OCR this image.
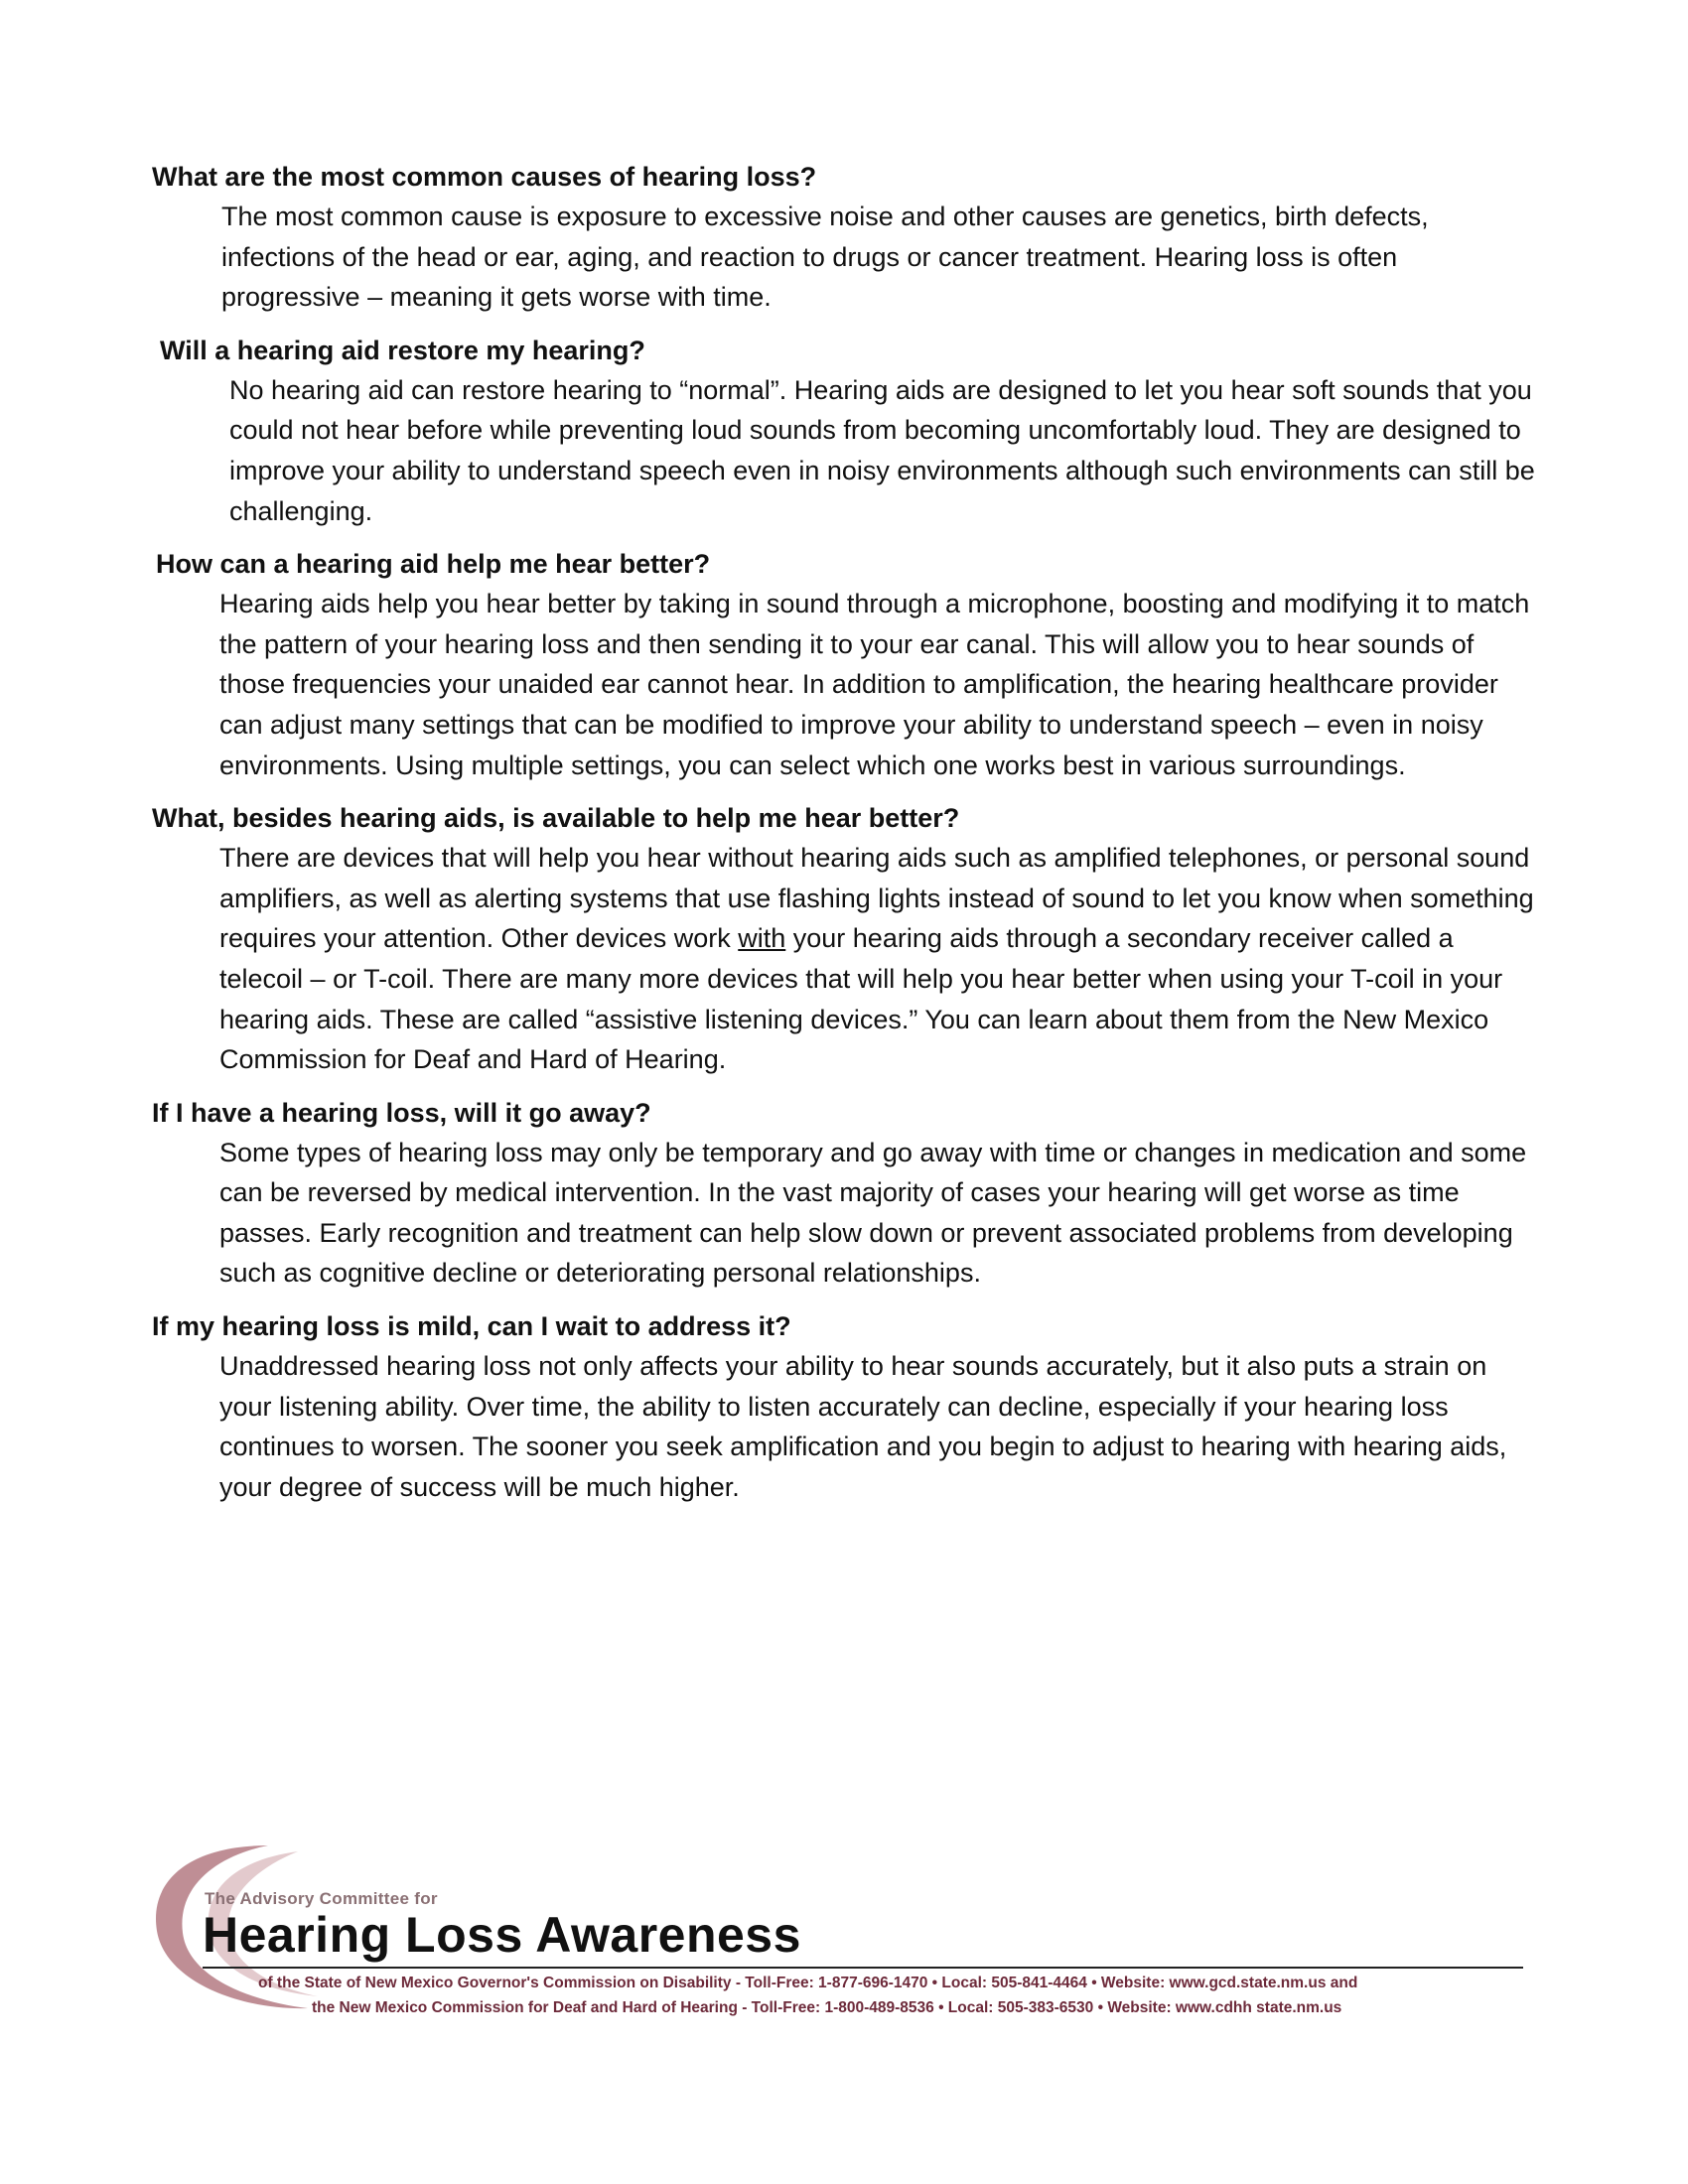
What are the most common causes of hearing loss?

The most common cause is exposure to excessive noise and other causes are genetics, birth defects, infections of the head or ear, aging, and reaction to drugs or cancer treatment. Hearing loss is often progressive – meaning it gets worse with time.

Will a hearing aid restore my hearing?

No hearing aid can restore hearing to “normal”. Hearing aids are designed to let you hear soft sounds that you could not hear before while preventing loud sounds from becoming uncomfortably loud. They are designed to improve your ability to understand speech even in noisy environments although such environments can still be challenging.

How can a hearing aid help me hear better?

Hearing aids help you hear better by taking in sound through a microphone, boosting and modifying it to match the pattern of your hearing loss and then sending it to your ear canal. This will allow you to hear sounds of those frequencies your unaided ear cannot hear. In addition to amplification, the hearing healthcare provider can adjust many settings that can be modified to improve your ability to understand speech – even in noisy environments. Using multiple settings, you can select which one works best in various surroundings.

What, besides hearing aids, is available to help me hear better?

There are devices that will help you hear without hearing aids such as amplified telephones, or personal sound amplifiers, as well as alerting systems that use flashing lights instead of sound to let you know when something requires your attention. Other devices work with your hearing aids through a secondary receiver called a telecoil – or T-coil. There are many more devices that will help you hear better when using your T-coil in your hearing aids. These are called “assistive listening devices.” You can learn about them from the New Mexico Commission for Deaf and Hard of Hearing.

If I have a hearing loss, will it go away?

Some types of hearing loss may only be temporary and go away with time or changes in medication and some can be reversed by medical intervention. In the vast majority of cases your hearing will get worse as time passes. Early recognition and treatment can help slow down or prevent associated problems from developing such as cognitive decline or deteriorating personal relationships.

If my hearing loss is mild, can I wait to address it?

Unaddressed hearing loss not only affects your ability to hear sounds accurately, but it also puts a strain on your listening ability. Over time, the ability to listen accurately can decline, especially if your hearing loss continues to worsen. The sooner you seek amplification and you begin to adjust to hearing with hearing aids, your degree of success will be much higher.

The Advisory Committee for
Hearing Loss Awareness
of the State of New Mexico Governor's Commission on Disability - Toll-Free: 1-877-696-1470 • Local: 505-841-4464 • Website: www.gcd.state.nm.us and
the New Mexico Commission for Deaf and Hard of Hearing - Toll-Free: 1-800-489-8536 • Local: 505-383-6530 • Website: www.cdhh state.nm.us
